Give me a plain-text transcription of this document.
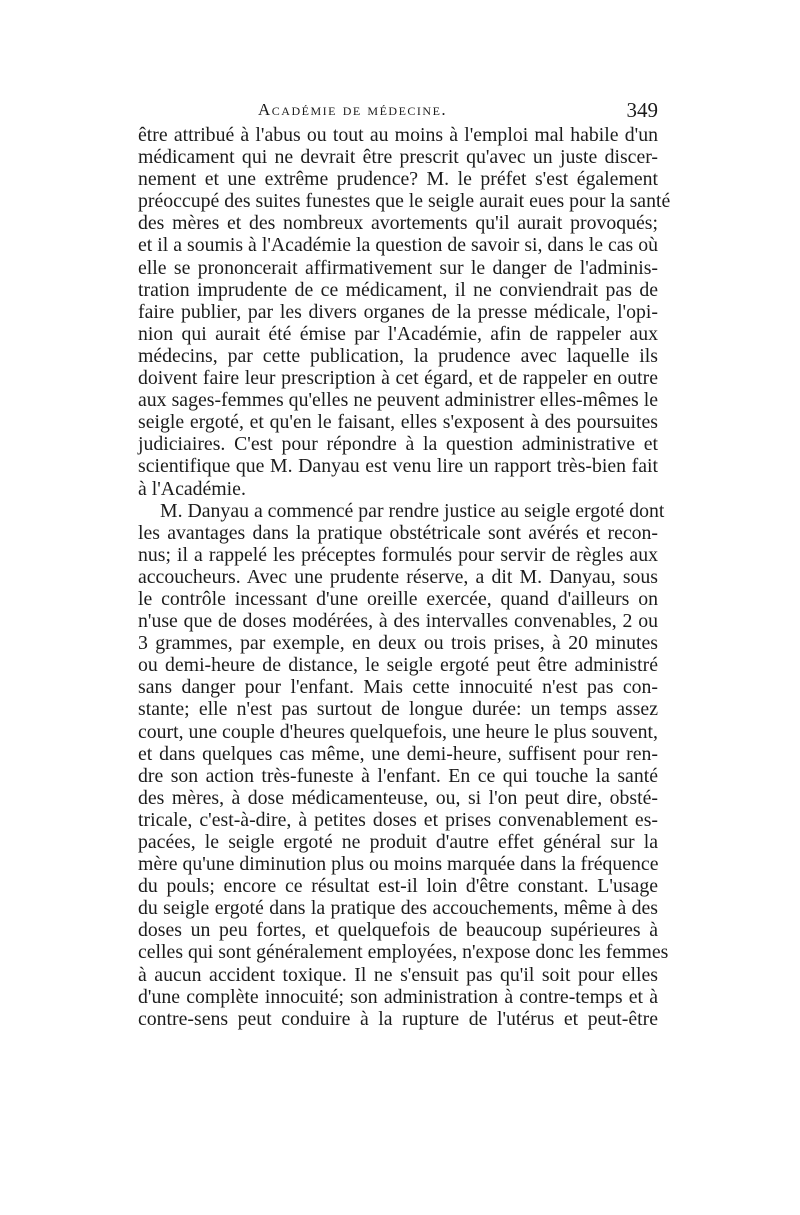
Académie de médecine.	349
être attribué à l'abus ou tout au moins à l'emploi mal habile d'un
médicament qui ne devrait être prescrit qu'avec un juste discer-
nement et une extrême prudence? M. le préfet s'est également
préoccupé des suites funestes que le seigle aurait eues pour la santé
des mères et des nombreux avortements qu'il aurait provoqués;
et il a soumis à l'Académie la question de savoir si, dans le cas où
elle se prononcerait affirmativement sur le danger de l'adminis-
tration imprudente de ce médicament, il ne conviendrait pas de
faire publier, par les divers organes de la presse médicale, l'opi-
nion qui aurait été émise par l'Académie, afin de rappeler aux
médecins, par cette publication, la prudence avec laquelle ils
doivent faire leur prescription à cet égard, et de rappeler en outre
aux sages-femmes qu'elles ne peuvent administrer elles-mêmes le
seigle ergoté, et qu'en le faisant, elles s'exposent à des poursuites
judiciaires. C'est pour répondre à la question administrative et
scientifique que M. Danyau est venu lire un rapport très-bien fait
à l'Académie.
M. Danyau a commencé par rendre justice au seigle ergoté dont
les avantages dans la pratique obstétricale sont avérés et recon-
nus; il a rappelé les préceptes formulés pour servir de règles aux
accoucheurs. Avec une prudente réserve, a dit M. Danyau, sous
le contrôle incessant d'une oreille exercée, quand d'ailleurs on
n'use que de doses modérées, à des intervalles convenables, 2 ou
3 grammes, par exemple, en deux ou trois prises, à 20 minutes
ou demi-heure de distance, le seigle ergoté peut être administré
sans danger pour l'enfant. Mais cette innocuité n'est pas con-
stante; elle n'est pas surtout de longue durée: un temps assez
court, une couple d'heures quelquefois, une heure le plus souvent,
et dans quelques cas même, une demi-heure, suffisent pour ren-
dre son action très-funeste à l'enfant. En ce qui touche la santé
des mères, à dose médicamenteuse, ou, si l'on peut dire, obsté-
tricale, c'est-à-dire, à petites doses et prises convenablement es-
pacées, le seigle ergoté ne produit d'autre effet général sur la
mère qu'une diminution plus ou moins marquée dans la fréquence
du pouls; encore ce résultat est-il loin d'être constant. L'usage
du seigle ergoté dans la pratique des accouchements, même à des
doses un peu fortes, et quelquefois de beaucoup supérieures à
celles qui sont généralement employées, n'expose donc les femmes
à aucun accident toxique. Il ne s'ensuit pas qu'il soit pour elles
d'une complète innocuité; son administration à contre-temps et à
contre-sens peut conduire à la rupture de l'utérus et peut-être
